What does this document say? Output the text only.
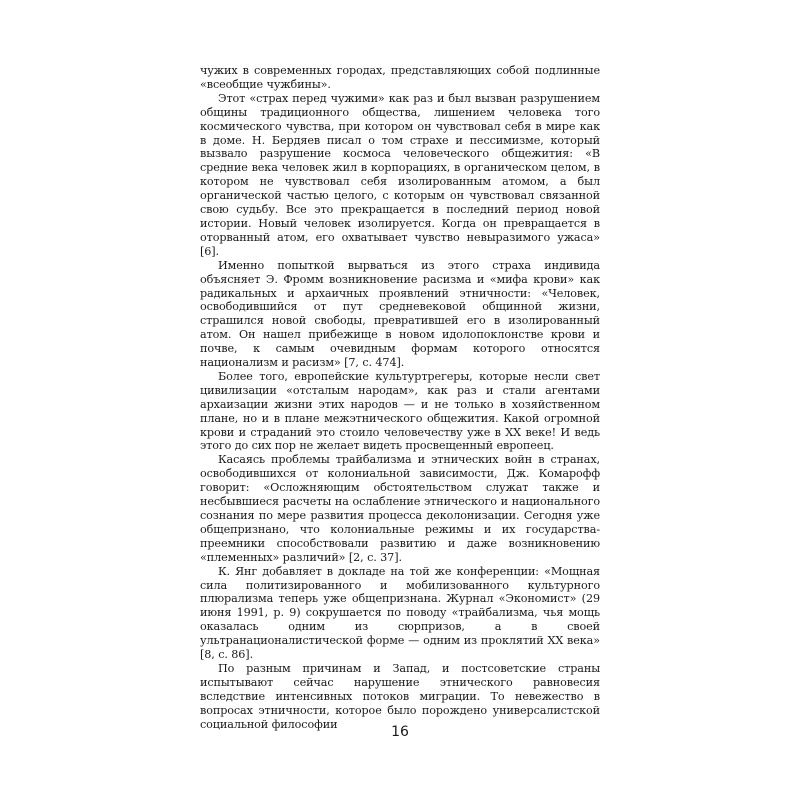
чужих в современных городах, представляющих собой подлинные «всеобщие чужбины».

Этот «страх перед чужими» как раз и был вызван разрушением общины традиционного общества, лишением человека того космического чувства, при котором он чувствовал себя в мире как в доме. Н. Бердяев писал о том страхе и пессимизме, который вызвало разрушение космоса человеческого общежития: «В средние века человек жил в корпорациях, в органическом целом, в котором не чувствовал себя изолированным атомом, а был органической частью целого, с которым он чувствовал связанной свою судьбу. Все это прекращается в последний период новой истории. Новый человек изолируется. Когда он превращается в оторванный атом, его охватывает чувство невыразимого ужаса» [6].

Именно попыткой вырваться из этого страха индивида объясняет Э. Фромм возникновение расизма и «мифа крови» как радикальных и архаичных проявлений этничности: «Человек, освободившийся от пут средневековой общинной жизни, страшился новой свободы, превратившей его в изолированный атом. Он нашел прибежище в новом идолопоклонстве крови и почве, к самым очевидным формам которого относятся национализм и расизм» [7, с. 474].

Более того, европейские культуртрегеры, которые несли свет цивилизации «отсталым народам», как раз и стали агентами архаизации жизни этих народов — и не только в хозяйственном плане, но и в плане межэтнического общежития. Какой огромной крови и страданий это стоило человечеству уже в XX веке! И ведь этого до сих пор не желает видеть просвещенный европеец.

Касаясь проблемы трайбализма и этнических войн в странах, освободившихся от колониальной зависимости, Дж. Комарофф говорит: «Осложняющим обстоятельством служат также и несбывшиеся расчеты на ослабление этнического и национального сознания по мере развития процесса деколонизации. Сегодня уже общепризнано, что колониальные режимы и их государства-преемники способствовали развитию и даже возникновению «племенных» различий» [2, с. 37].

К. Янг добавляет в докладе на той же конференции: «Мощная сила политизированного и мобилизованного культурного плюрализма теперь уже общепризнана. Журнал «Экономист» (29 июня 1991, p. 9) сокрушается по поводу «трайбализма, чья мощь оказалась одним из сюрпризов, а в своей ультранационалистической форме — одним из проклятий XX века» [8, с. 86].

По разным причинам и Запад, и постсоветские страны испытывают сейчас нарушение этнического равновесия вследствие интенсивных потоков миграции. То невежество в вопросах этничности, которое было порождено универсалистской социальной философии	16
